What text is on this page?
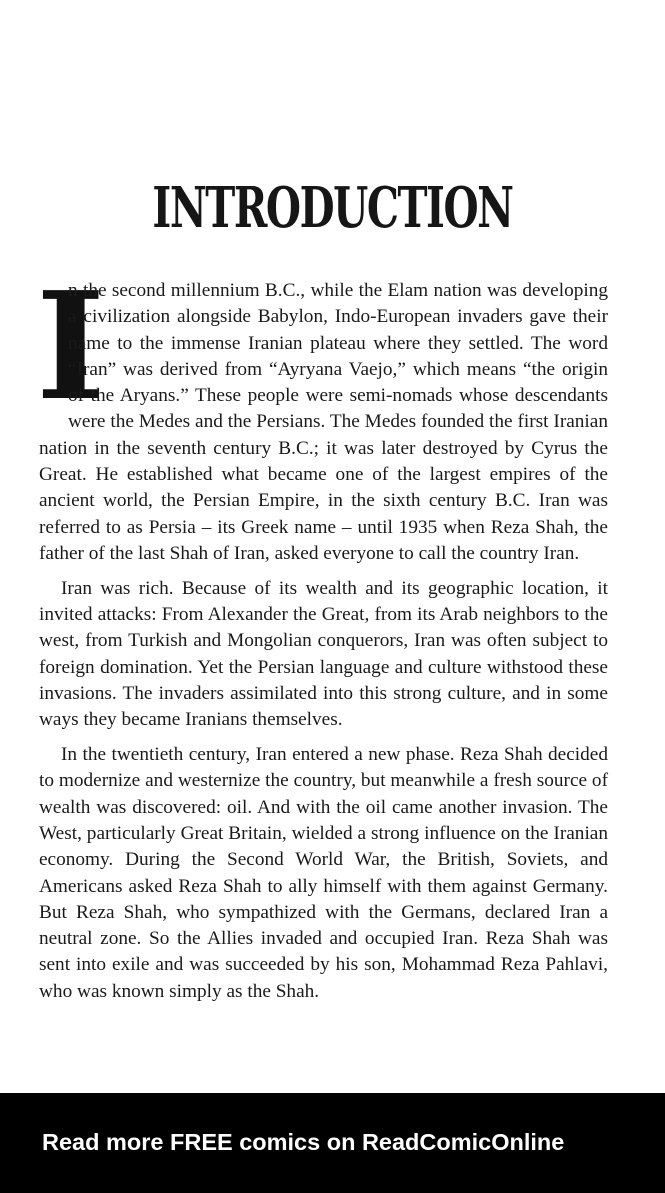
INTRODUCTION

I
n the second millennium B.C., while the Elam nation was developing a civilization alongside Babylon, Indo-European invaders gave their name to the immense Iranian plateau where they settled. The word “Iran” was derived from “Ayryana Vaejo,” which means “the origin of the Aryans.” These people were semi-nomads whose descendants were the Medes and the Persians. The Medes founded the first Iranian nation in the seventh century B.C.; it was later destroyed by Cyrus the Great. He established what became one of the largest empires of the ancient world, the Persian Empire, in the sixth century B.C. Iran was referred to as Persia – its Greek name – until 1935 when Reza Shah, the father of the last Shah of Iran, asked everyone to call the country Iran.

Iran was rich. Because of its wealth and its geographic location, it invited attacks: From Alexander the Great, from its Arab neighbors to the west, from Turkish and Mongolian conquerors, Iran was often subject to foreign domination. Yet the Persian language and culture withstood these invasions. The invaders assimilated into this strong culture, and in some ways they became Iranians themselves.

In the twentieth century, Iran entered a new phase. Reza Shah decided to modernize and westernize the country, but meanwhile a fresh source of wealth was discovered: oil. And with the oil came another invasion. The West, particularly Great Britain, wielded a strong influence on the Iranian economy. During the Second World War, the British, Soviets, and Americans asked Reza Shah to ally himself with them against Germany. But Reza Shah, who sympathized with the Germans, declared Iran a neutral zone. So the Allies invaded and occupied Iran. Reza Shah was sent into exile and was succeeded by his son, Mohammad Reza Pahlavi, who was known simply as the Shah.

Read more FREE comics on ReadComicOnline
